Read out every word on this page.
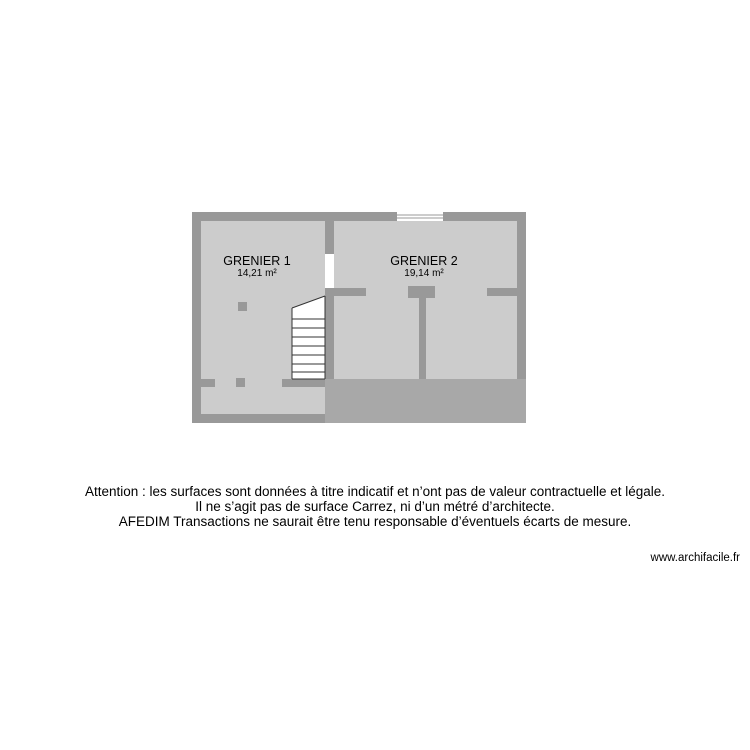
GRENIER 1
14,21 m²
GRENIER 2
19,14 m²
Attention : les surfaces sont données à titre indicatif et n’ont pas de valeur contractuelle et légale.
Il ne s’agit pas de surface Carrez, ni d’un métré d’architecte.
AFEDIM Transactions ne saurait être tenu responsable d’éventuels écarts de mesure.
www.archifacile.fr
